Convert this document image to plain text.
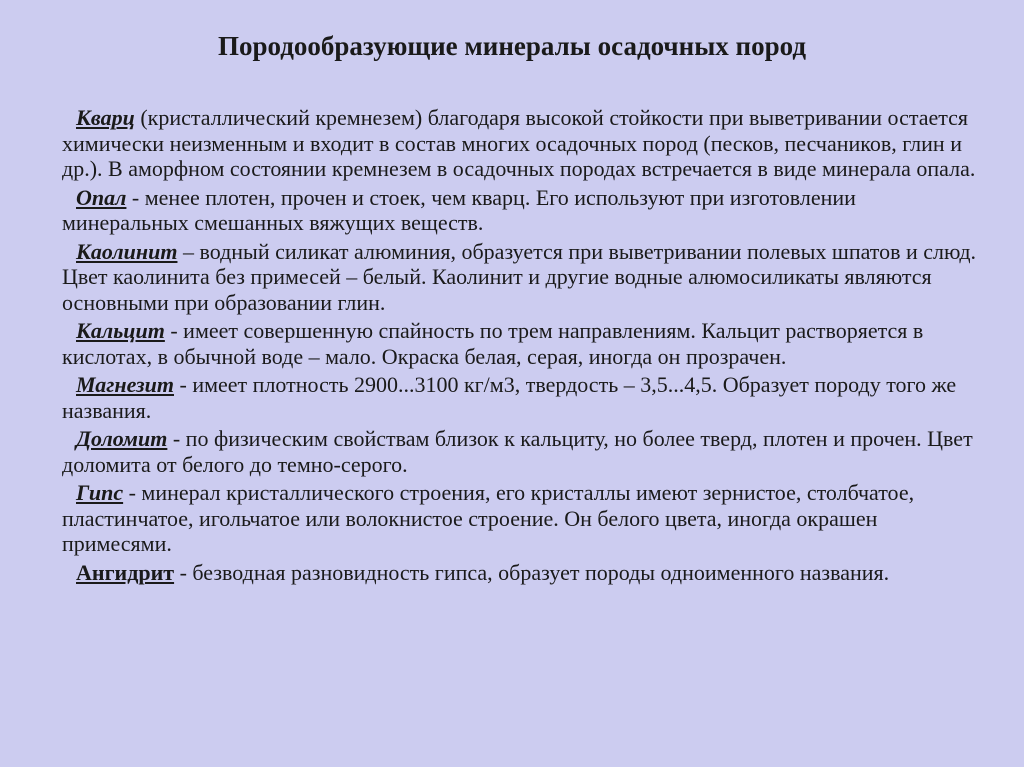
Породообразующие минералы осадочных пород

Кварц (кристаллический кремнезем) благодаря высокой стойкости при выветривании остается химически неизменным и входит в состав многих осадочных пород (песков, песчаников, глин и др.). В аморфном состоянии кремнезем в осадочных породах встречается в виде минерала опала.

Опал - менее плотен, прочен и стоек, чем кварц. Его используют при изготовлении минеральных смешанных вяжущих веществ.

Каолинит – водный силикат алюминия, образуется при выветривании полевых шпатов и слюд. Цвет каолинита без примесей – белый. Каолинит и другие водные алюмосиликаты являются основными при образовании глин.

Кальцит - имеет совершенную спайность по трем направлениям. Кальцит растворяется в кислотах, в обычной воде – мало. Окраска белая, серая, иногда он прозрачен.

Магнезит - имеет плотность 2900...3100 кг/м3, твердость – 3,5...4,5. Образует породу того же названия.

Доломит - по физическим свойствам близок к кальциту, но более тверд, плотен и прочен. Цвет доломита от белого до темно-серого.

Гипс - минерал кристаллического строения, его кристаллы имеют зернистое, столбчатое, пластинчатое, игольчатое или волокнистое строение. Он белого цвета, иногда окрашен примесями.

Ангидрит - безводная разновидность гипса, образует породы одноименного названия.
